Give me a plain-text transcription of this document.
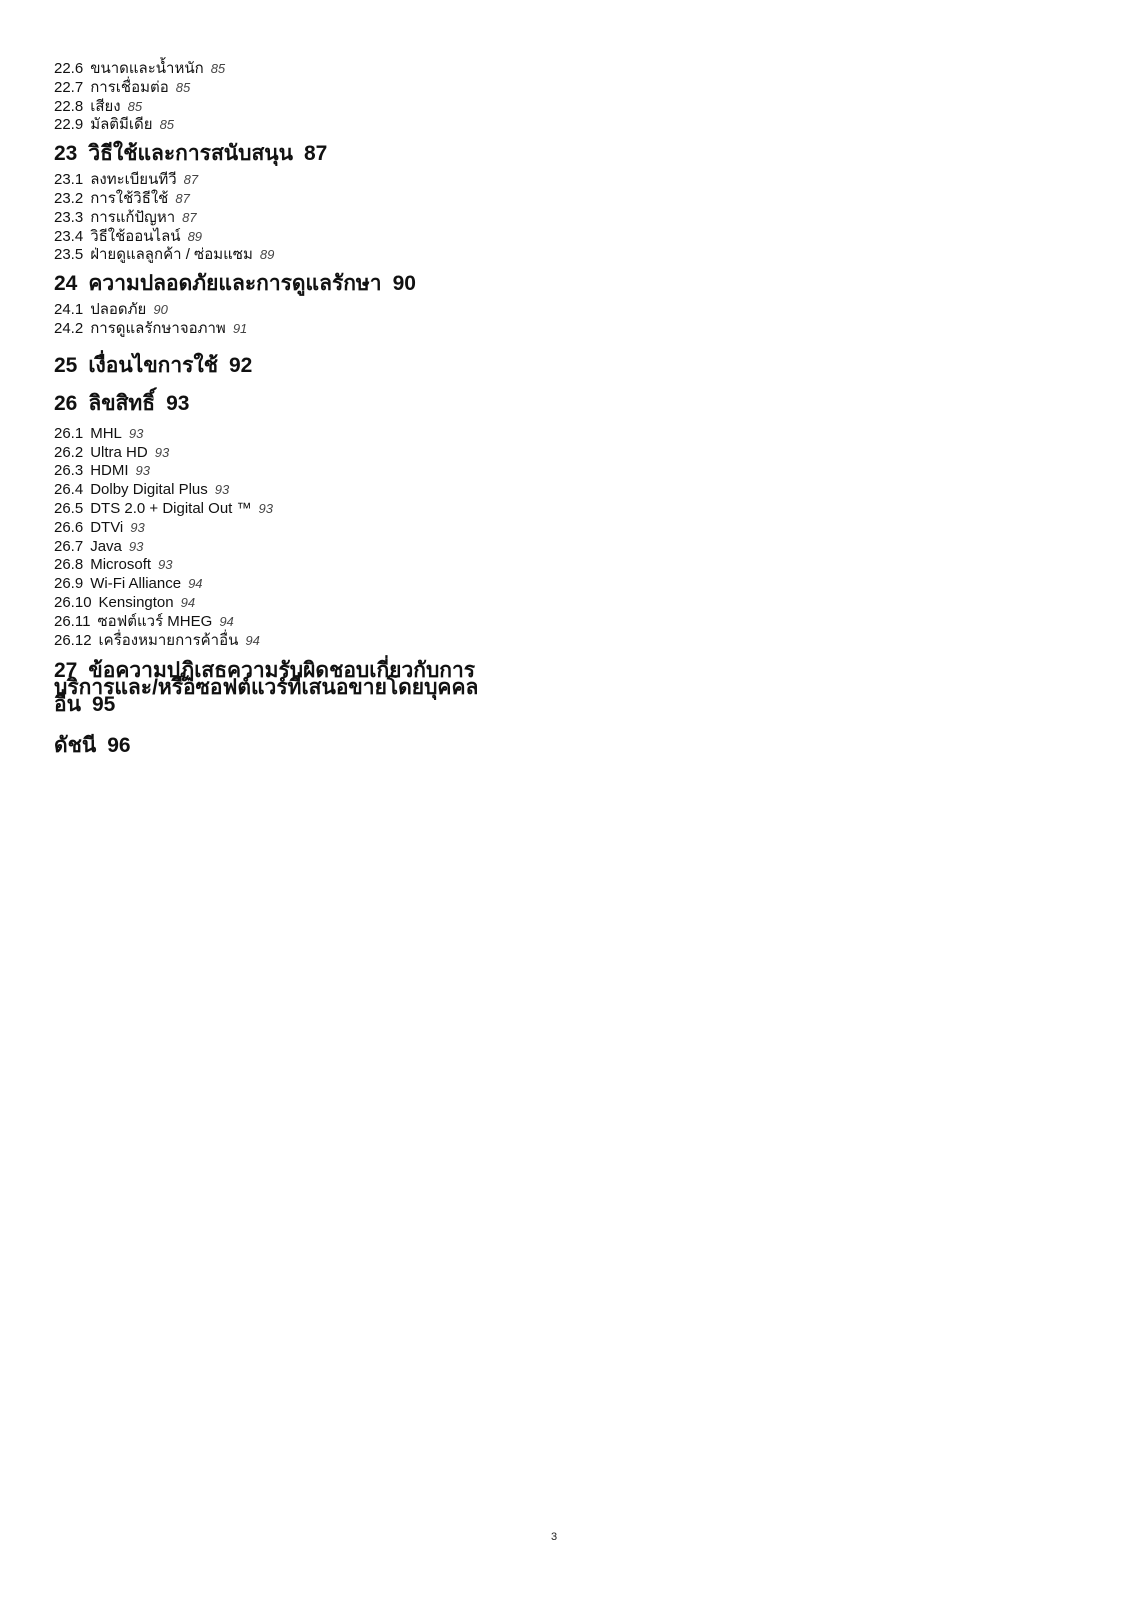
22.6 ขนาดและน้ำหนัก 85
22.7 การเชื่อมต่อ 85
22.8 เสียง 85
22.9 มัลติมีเดีย 85
23 วิธีใช้และการสนับสนุน 87
23.1 ลงทะเบียนทีวี 87
23.2 การใช้วิธีใช้ 87
23.3 การแก้ปัญหา 87
23.4 วิธีใช้ออนไลน์ 89
23.5 ฝ่ายดูแลลูกค้า / ซ่อมแซม 89
24 ความปลอดภัยและการดูแลรักษา 90
24.1 ปลอดภัย 90
24.2 การดูแลรักษาจอภาพ 91
25 เงื่อนไขการใช้ 92
26 ลิขสิทธิ์ 93
26.1 MHL 93
26.2 Ultra HD 93
26.3 HDMI 93
26.4 Dolby Digital Plus 93
26.5 DTS 2.0 + Digital Out ™ 93
26.6 DTVi 93
26.7 Java 93
26.8 Microsoft 93
26.9 Wi-Fi Alliance 94
26.10 Kensington 94
26.11 ซอฟต์แวร์ MHEG 94
26.12 เครื่องหมายการค้าอื่น 94
27 ข้อความปฏิเสธความรับผิดชอบเกี่ยวกับการบริการและ/หรือซอฟต์แวร์ที่เสนอขายโดยบุคคลอื่น 95
ดัชนี 96
3
